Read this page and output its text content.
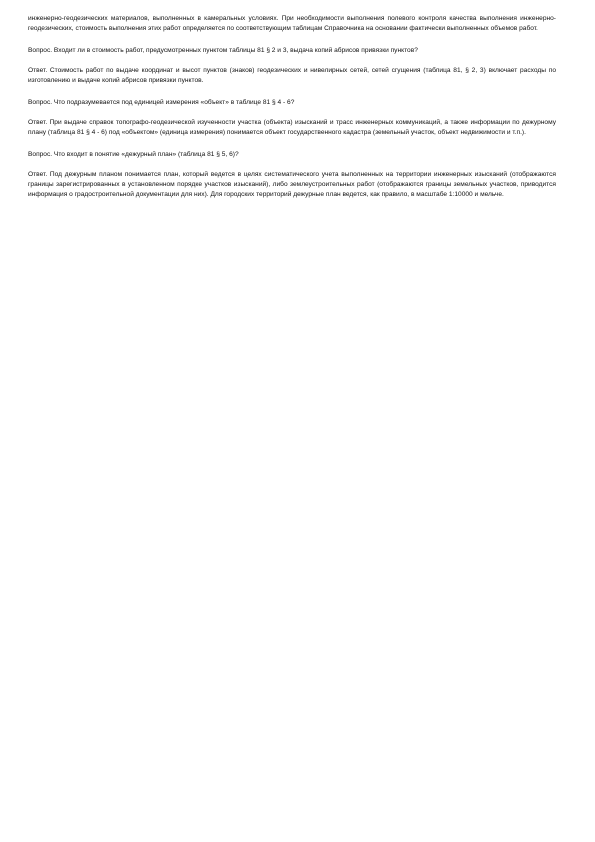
инженерно-геодезических материалов, выполненных в камеральных условиях. При необходимости выполнения полевого контроля качества выполнения инженерно-геодезических, стоимость выполнения этих работ определяется по соответствующим таблицам Справочника на основании фактически выполненных объемов работ.

Вопрос. Входит ли в стоимость работ, предусмотренных пунктом таблицы 81 § 2 и 3, выдача копий абрисов привязки пунктов?

Ответ. Стоимость работ по выдаче координат и высот пунктов (знаков) геодезических и нивелирных сетей, сетей сгущения (таблица 81, § 2, 3) включает расходы по изготовлению и выдаче копий абрисов привязки пунктов.

Вопрос. Что подразумевается под единицей измерения «объект» в таблице 81 § 4 - 6?

Ответ. При выдаче справок топографо-геодезической изученности участка (объекта) изысканий и трасс инженерных коммуникаций, а также информации по дежурному плану (таблица 81 § 4 - 6) под «объектом» (единица измерения) понимается объект государственного кадастра (земельный участок, объект недвижимости и т.п.).

Вопрос. Что входит в понятие «дежурный план» (таблица 81 § 5, 6)?

Ответ. Под дежурным планом понимается план, который ведется в целях систематического учета выполненных на территории инженерных изысканий (отображаются границы зарегистрированных в установленном порядке участков изысканий), либо землеустроительных работ (отображаются границы земельных участков, приводится информация о градостроительной документации для них). Для городских территорий дежурные план ведется, как правило, в масштабе 1:10000 и мельче.
